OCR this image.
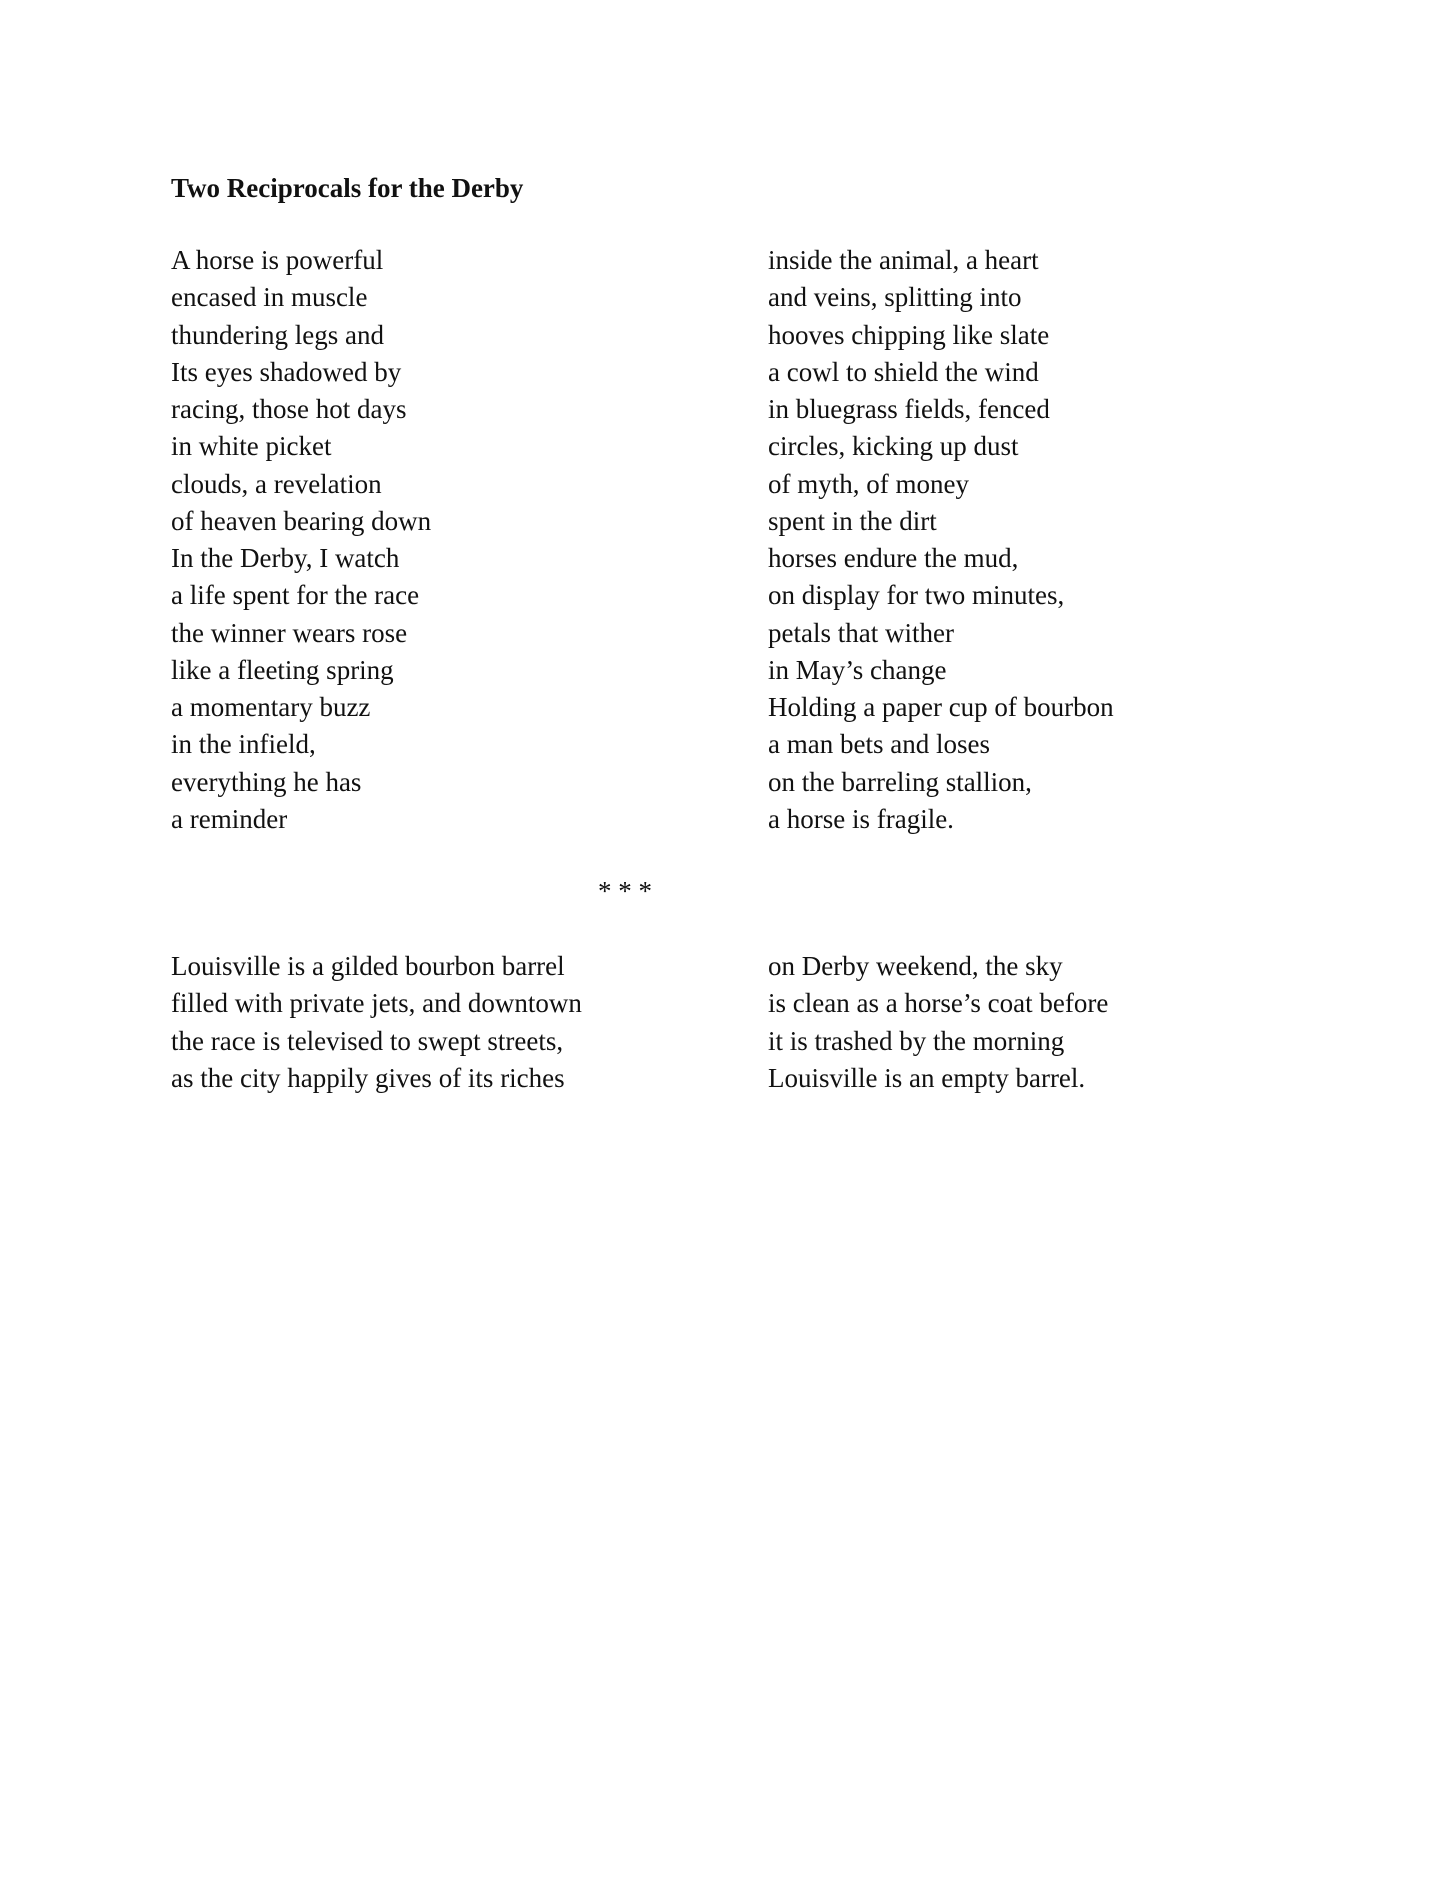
Two Reciprocals for the Derby
A horse is powerful
encased in muscle
thundering legs and
Its eyes shadowed by
racing, those hot days
in white picket
clouds, a revelation
of heaven bearing down
In the Derby, I watch
a life spent for the race
the winner wears rose
like a fleeting spring
a momentary buzz
in the infield,
everything he has
a reminder
inside the animal, a heart
and veins, splitting into
hooves chipping like slate
a cowl to shield the wind
in bluegrass fields, fenced
circles, kicking up dust
of myth, of money
spent in the dirt
horses endure the mud,
on display for two minutes,
petals that wither
in May’s change
Holding a paper cup of bourbon
a man bets and loses
on the barreling stallion,
a horse is fragile.
* * *
Louisville is a gilded bourbon barrel
filled with private jets, and downtown
the race is televised to swept streets,
as the city happily gives of its riches
on Derby weekend, the sky
is clean as a horse’s coat before
it is trashed by the morning
Louisville is an empty barrel.
